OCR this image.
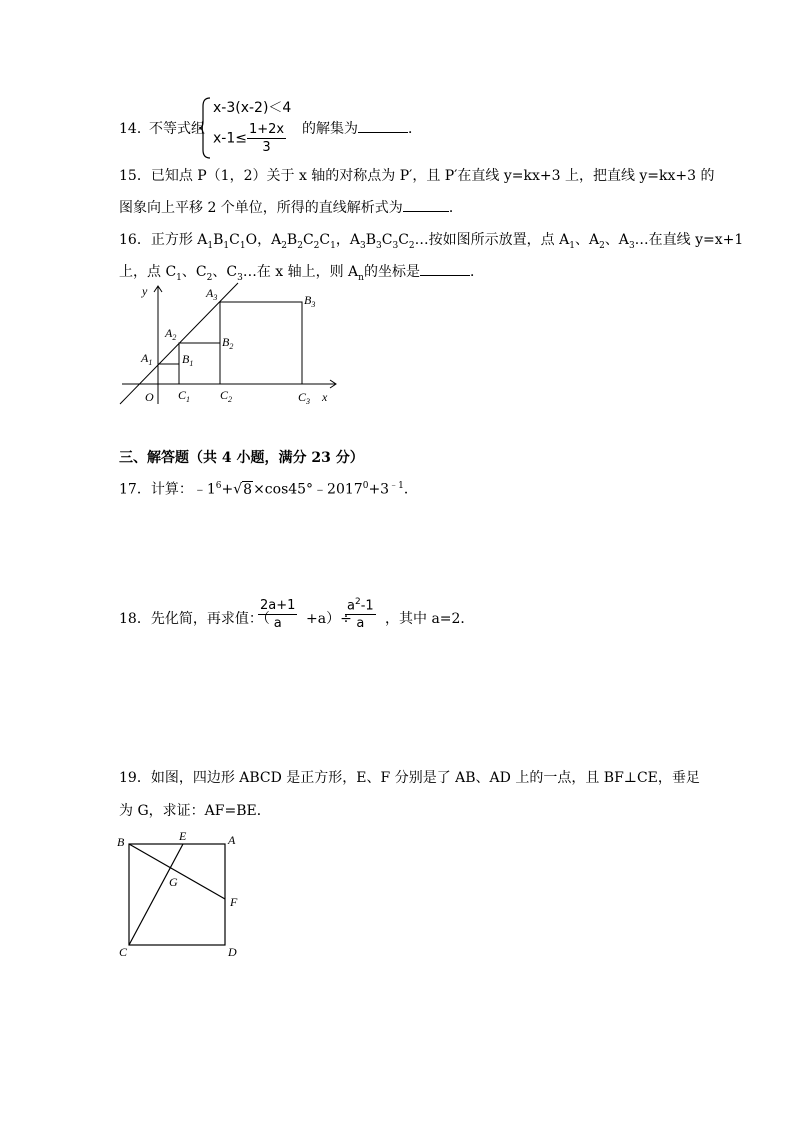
14．
不等式组
x-3(x-2)＜4
$x-1\le \frac{1+2x}{3}$ 的解集为	．
15．已知点 P（1，2）关于 x 轴的对称点为 P′，且 P′在直线 y=kx+3 上，把直线 y=kx+3 的
图象向上平移 2 个单位，所得的直线解析式为	．
16．正方形 $A_1B_1C_1O$，$A_2B_2C_2C_1$，$A_3B_3C_3C_2\dots$按如图所示放置，点 $A_1$、$A_2$、$A_3\dots$在直线 y=x+1
上，点 $C_1$、$C_2$、$C_3\dots$在 x 轴上，则 $A_n$的坐标是	．
y
x
O
$A_1$
$A_2$
$A_3$
$B_1$
$B_2$
$B_3$
$C_1$ $C_2$	$C_3$
三、解答题（共 4 小题，满分 23 分）
17．计算：$﹣1^6+√8\times\cos 45^\circ﹣2017^0+3^{﹣1}$．
18．先化简，再求值：（
$\frac{2a+1}{a} +a)\div$
$\frac{a^2-1}{a}$ ，其中 a=2．
19．如图，四边形 ABCD 是正方形，E、F 分别是了 AB、AD 上的一点，且 BF⊥CE，垂足
为 G，求证：AF=BE．
B	E	A
G
F
C	D
